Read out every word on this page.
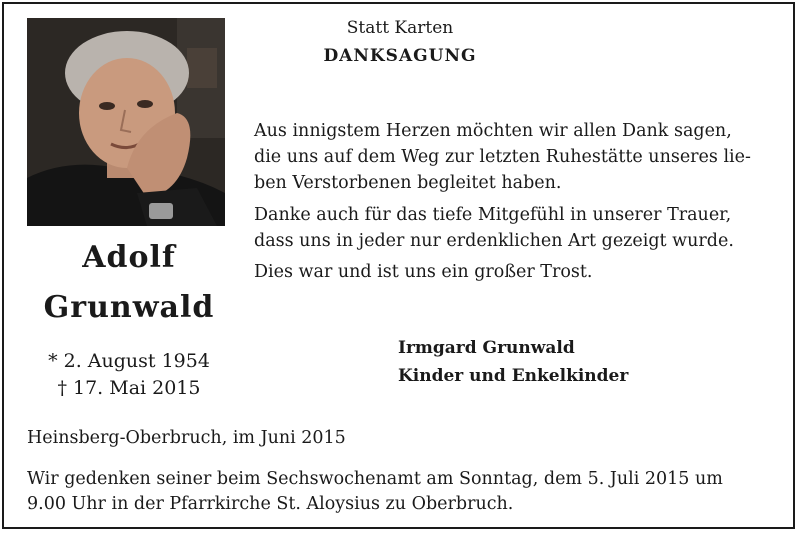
Adolf
Grunwald
* 2. August 1954
† 17. Mai 2015
Statt Karten
DANKSAGUNG

Aus innigstem Herzen möchten wir allen Dank sagen,
die uns auf dem Weg zur letzten Ruhestätte unseres lie-
ben Verstorbenen begleitet haben.

Danke auch für das tiefe Mitgefühl in unserer Trauer,
dass uns in jeder nur erdenklichen Art gezeigt wurde.

Dies war und ist uns ein großer Trost.

Irmgard Grunwald
Kinder und Enkelkinder
Heinsberg-Oberbruch, im Juni 2015
Wir gedenken seiner beim Sechswochenamt am Sonntag, dem 5. Juli 2015 um
9.00 Uhr in der Pfarrkirche St. Aloysius zu Oberbruch.
